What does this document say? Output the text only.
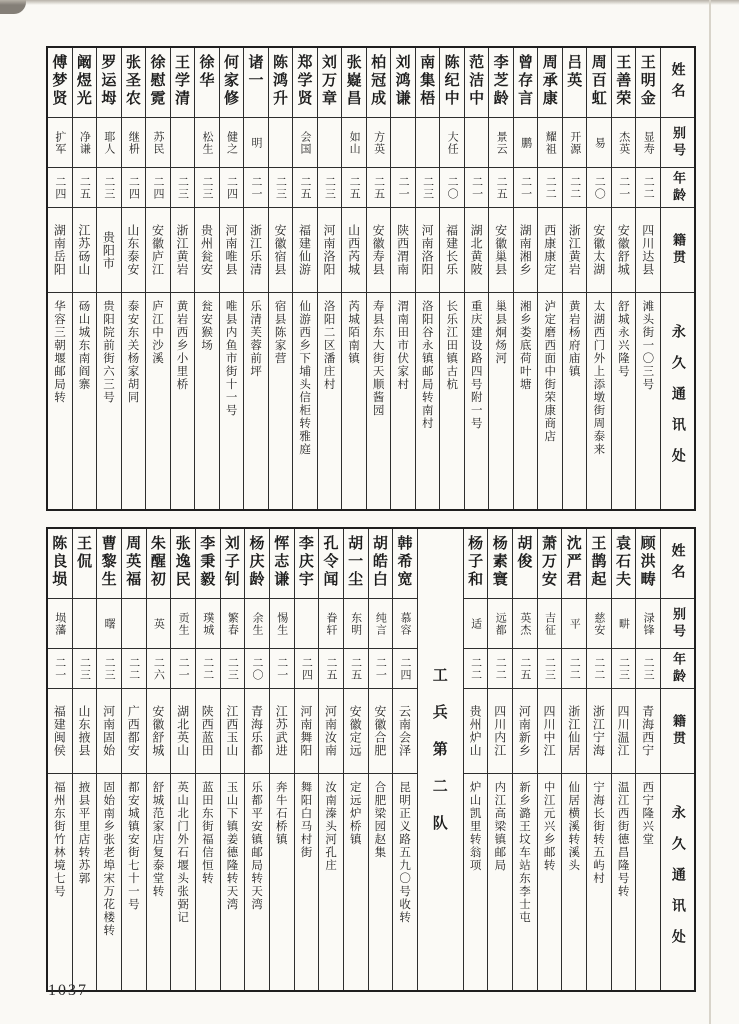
姓名
别号
年龄
籍贯
永久通讯处
王明金
显寿
二二
四川达县
滩头街一〇三号
王善荣
杰英
二一
安徽舒城
舒城永兴隆号
周百虹
易
二〇
安徽太湖
太湖西门外上添墩街周泰来
吕英
开源
二二
浙江黄岩
黄岩杨府庙镇
周承康
耀祖
二二
西康康定
泸定磨西面中街荣康商店
曾存言
鹏
二一
湖南湘乡
湘乡娄底荷叶塘
李芝龄
景云
二五
安徽巢县
巢县炯炀河
范洁中
二一
湖北黄陂
重庆建设路四号附一号
陈纪中
大任
二〇
福建长乐
长乐江田镇古杭
南集梧
二三
河南洛阳
洛阳谷永镇邮局转南村
刘鸿谦
二一
陕西渭南
渭南田市伏家村
柏冠成
方英
二五
安徽寿县
寿县东大街天顺酱园
张嶷昌
如山
二五
山西芮城
芮城陌南镇
刘万章
二三
河南洛阳
洛阳二区潘庄村
郑学贤
会国
二五
福建仙游
仙游西乡下埔头信柜转雅庭
陈鸿升
二三
安徽宿县
宿县陈家营
诸一
明
二一
浙江乐清
乐清芙蓉前坪
何家修
健之
二四
河南唯县
唯县内鱼市街十一号
徐华
松生
二三
贵州瓮安
瓮安猴场
王学清
二三
浙江黄岩
黄岩西乡小里桥
徐慰霓
苏民
二四
安徽庐江
庐江中沙溪
张圣农
继枡
二四
山东泰安
泰安东关杨家胡同
罗运坶
耶人
二三
贵阳市
贵阳院前街六三号
阚煜光
净谦
二五
江苏砀山
砀山城东南阎寨
傅梦贤
扩军
二四
湖南岳阳
华容三朝堰邮局转
姓名
别号
年龄
籍贯
永久通讯处
顾洪畴
渌锋
二三
青海西宁
西宁隆兴堂
袁石夫
畊
二三
四川温江
温江西街德昌隆号转
王鹊起
慈安
二二
浙江宁海
宁海长街转五屿村
沈严君
平
二二
浙江仙居
仙居横溪转溪头
萧万安
吉征
二三
四川中江
中江元兴乡邮转
胡俊
英杰
二五
河南新乡
新乡潞王坟车站东李士屯
杨素寰
远都
二二
四川内江
内江高梁镇邮局
杨子和
适
二二
贵州炉山
炉山凯里转翁项
工兵第二队
韩希宽
慕容
二四
云南会泽
昆明正义路五九〇号收转
胡皓白
纯言
二一
安徽合肥
合肥梁园赵集
胡一尘
东明
二五
安徽定远
定远炉桥镇
孔令闻
眷轩
二五
河南汝南
汝南溱头河孔庄
李庆宇
二四
河南舞阳
舞阳白马村街
恽志谦
惕生
二一
江苏武进
奔牛石桥镇
杨庆龄
余生
二〇
青海乐都
乐都平安镇邮局转天湾
刘子钊
繁春
二三
江西玉山
玉山下镇姜德隆转天湾
李秉毅
璞城
二二
陕西蓝田
蓝田东街福信恒转
张逸民
贡生
二一
湖北英山
英山北门外石堰头张弼记
朱醒初
英
二六
安徽舒城
舒城范家店复泰堂转
周英福
二二
广西都安
都安城镇安街七十一号
曹黎生
曙
二三
河南固始
固始南乡张老埠宋万花楼转
王侃
二三
山东掖县
掖县平里店转苏郭
陈良埙
埙藩
二一
福建闽侯
福州东街竹林境七号
1037
